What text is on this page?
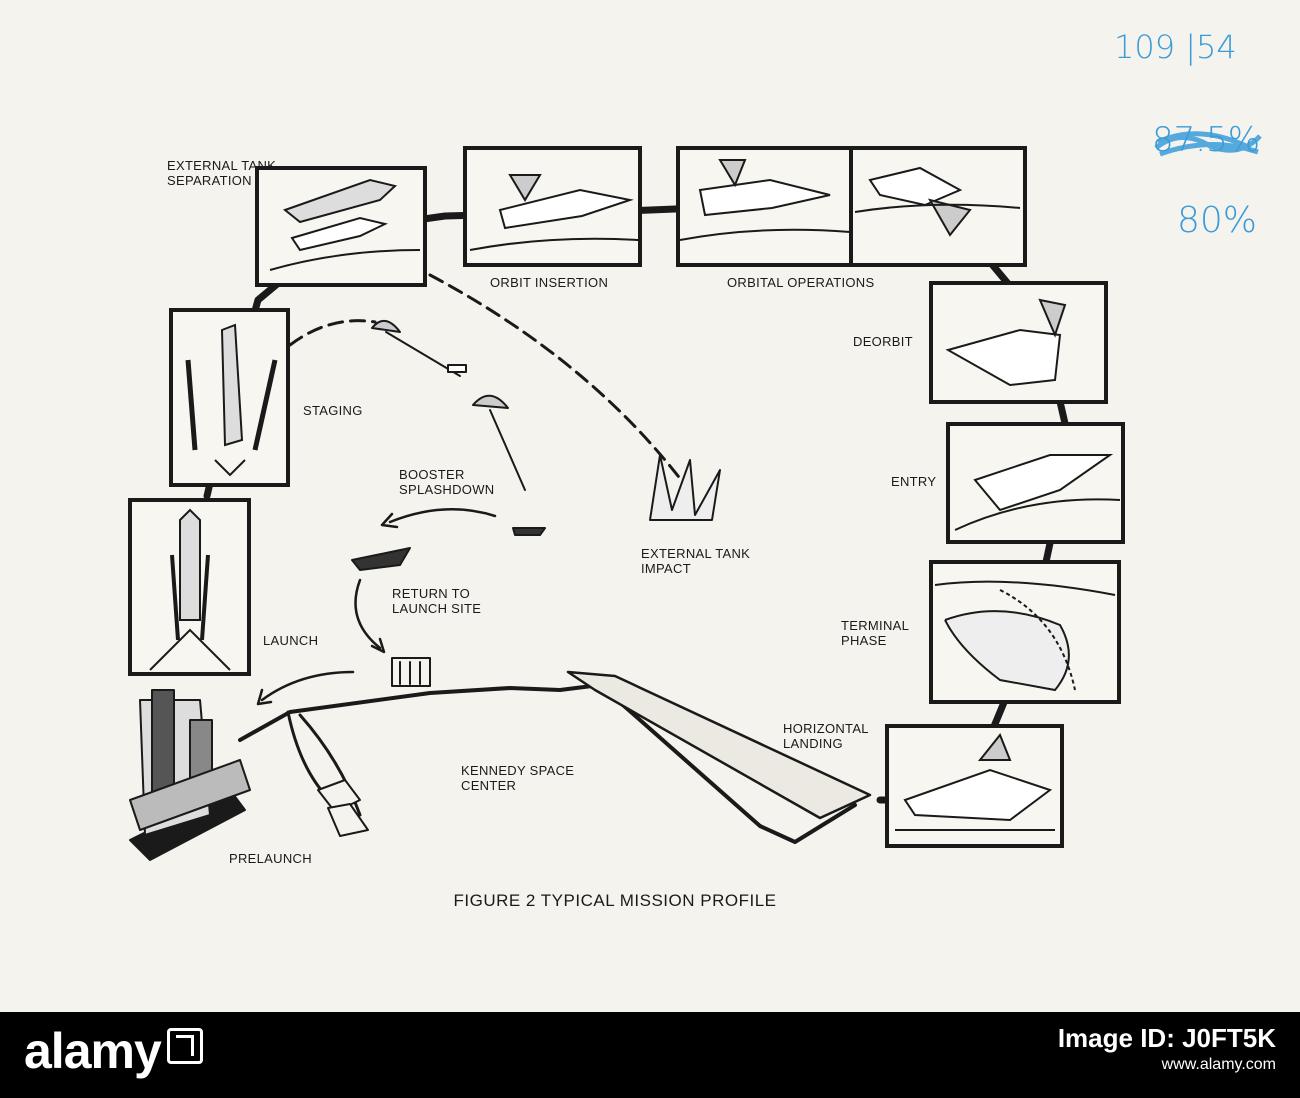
EXTERNAL TANK
SEPARATION
ORBIT INSERTION	ORBITAL OPERATIONS
DEORBIT
ENTRY
TERMINAL
PHASE
HORIZONTAL
LANDING
STAGING
BOOSTER
SPLASHDOWN
EXTERNAL TANK
IMPACT
RETURN TO
LAUNCH SITE
LAUNCH
KENNEDY SPACE
CENTER
PRELAUNCH
FIGURE 2 TYPICAL MISSION PROFILE
109 |54
87.5%
80%
alamy	Image ID: J0FT5K
www.alamy.com
